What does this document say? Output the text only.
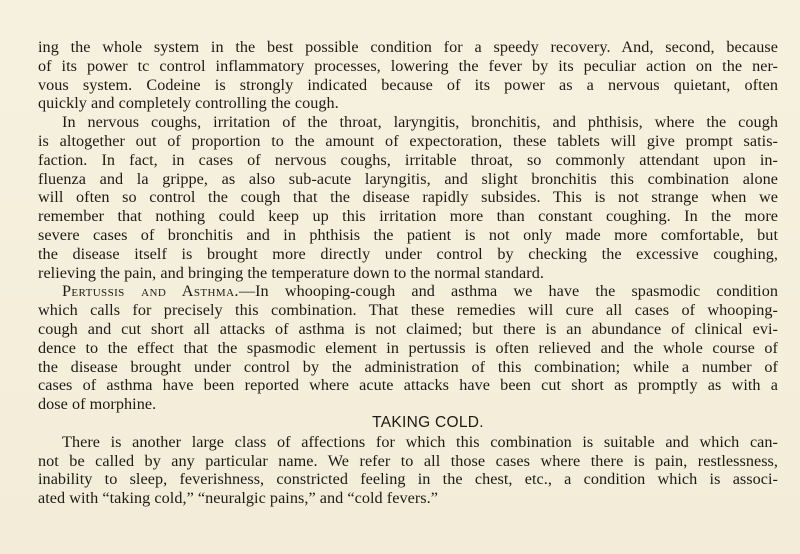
ing the whole system in the best possible condition for a speedy recovery. And, second, because
of its power tc control inflammatory processes, lowering the fever by its peculiar action on the ner-
vous system. Codeine is strongly indicated because of its power as a nervous quietant, often
quickly and completely controlling the cough.
In nervous coughs, irritation of the throat, laryngitis, bronchitis, and phthisis, where the cough
is altogether out of proportion to the amount of expectoration, these tablets will give prompt satis-
faction. In fact, in cases of nervous coughs, irritable throat, so commonly attendant upon in-
fluenza and la grippe, as also sub-acute laryngitis, and slight bronchitis this combination alone
will often so control the cough that the disease rapidly subsides. This is not strange when we
remember that nothing could keep up this irritation more than constant coughing. In the more
severe cases of bronchitis and in phthisis the patient is not only made more comfortable, but
the disease itself is brought more directly under control by checking the excessive coughing,
relieving the pain, and bringing the temperature down to the normal standard.
Pertussis and Asthma.—In whooping-cough and asthma we have the spasmodic condition
which calls for precisely this combination. That these remedies will cure all cases of whooping-
cough and cut short all attacks of asthma is not claimed; but there is an abundance of clinical evi-
dence to the effect that the spasmodic element in pertussis is often relieved and the whole course of
the disease brought under control by the administration of this combination; while a number of
cases of asthma have been reported where acute attacks have been cut short as promptly as with a
dose of morphine.
TAKING COLD.
There is another large class of affections for which this combination is suitable and which can-
not be called by any particular name. We refer to all those cases where there is pain, restlessness,
inability to sleep, feverishness, constricted feeling in the chest, etc., a condition which is associ-
ated with “taking cold,” “neuralgic pains,” and “cold fevers.”
